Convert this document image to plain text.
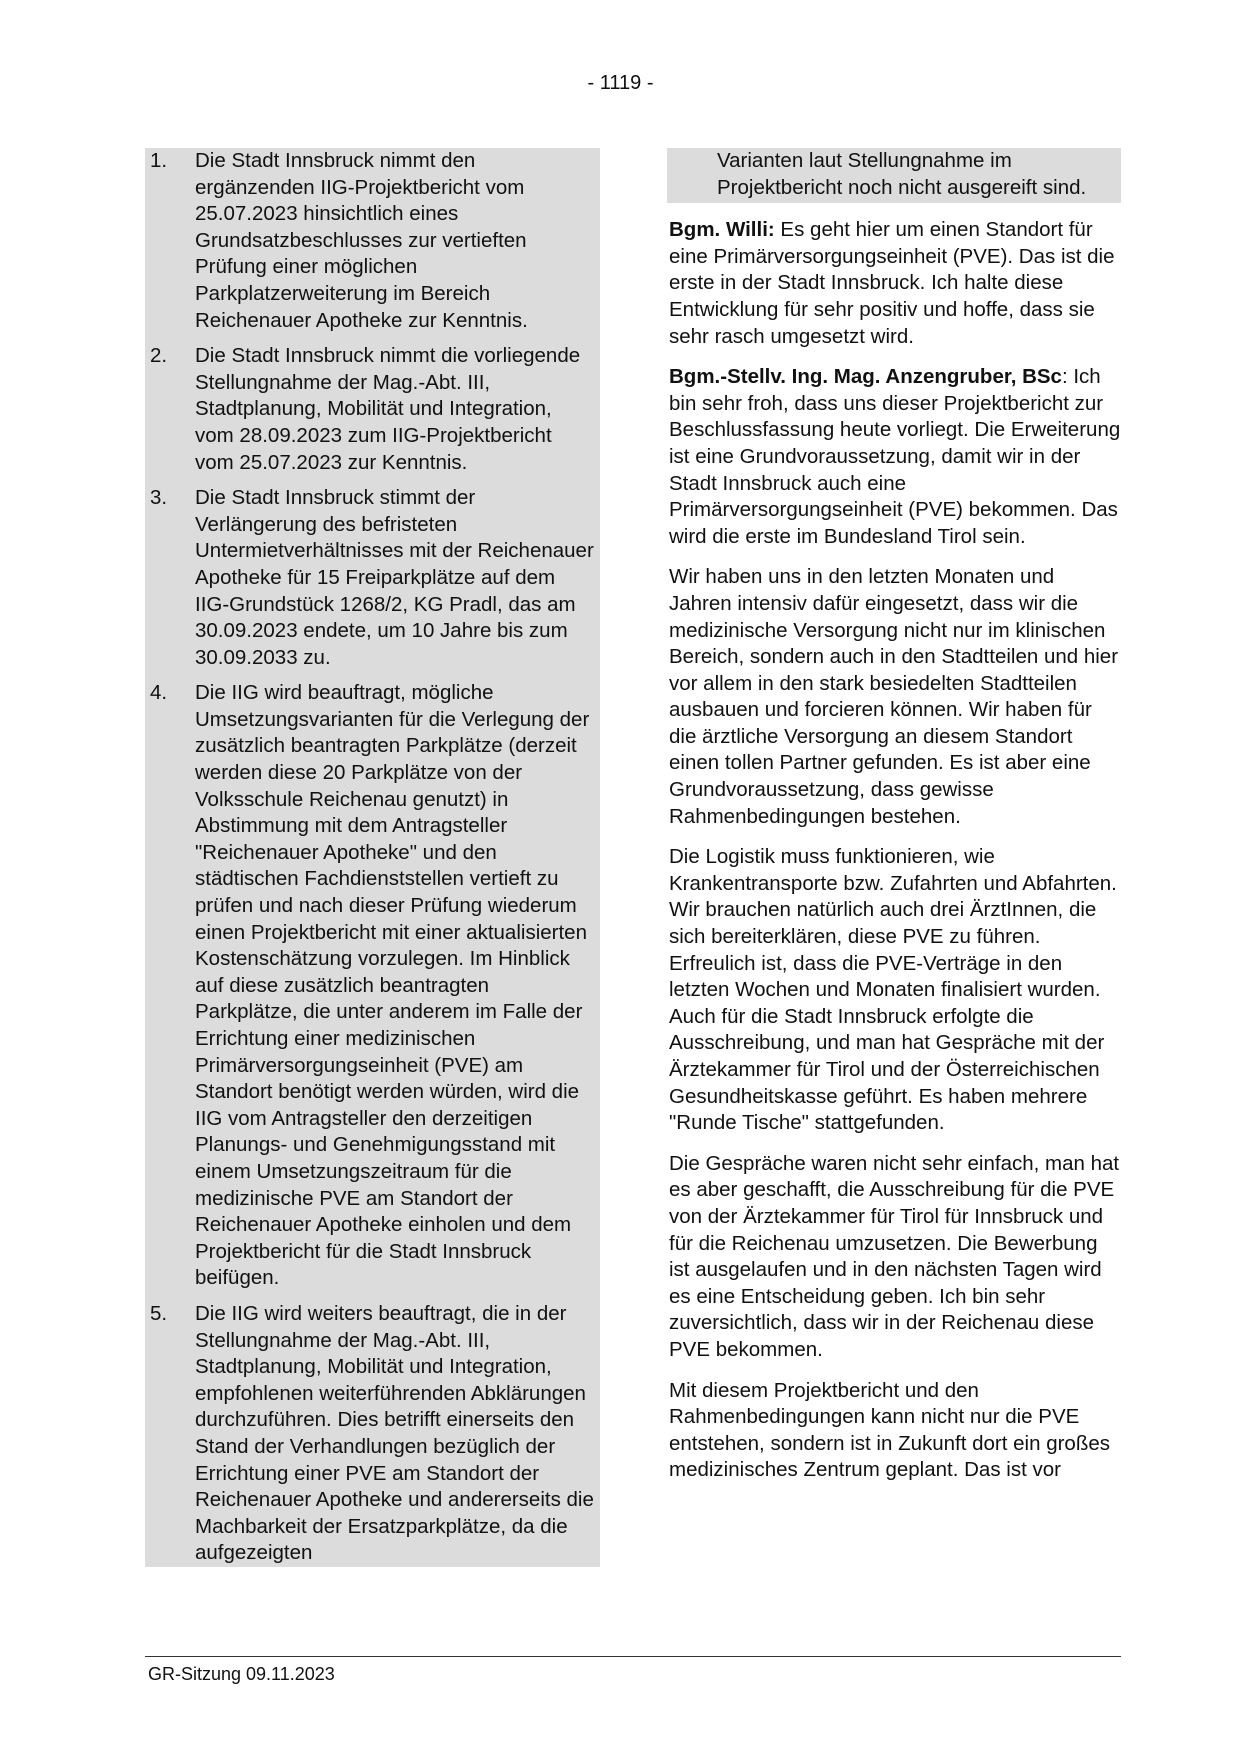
- 1119 -
1. Die Stadt Innsbruck nimmt den ergänzenden IIG-Projektbericht vom 25.07.2023 hinsichtlich eines Grundsatzbeschlusses zur vertieften Prüfung einer möglichen Parkplatzerweiterung im Bereich Reichenauer Apotheke zur Kenntnis.
2. Die Stadt Innsbruck nimmt die vorliegende Stellungnahme der Mag.-Abt. III, Stadtplanung, Mobilität und Integration, vom 28.09.2023 zum IIG-Projektbericht vom 25.07.2023 zur Kenntnis.
3. Die Stadt Innsbruck stimmt der Verlängerung des befristeten Untermietverhältnisses mit der Reichenauer Apotheke für 15 Freiparkplätze auf dem IIG-Grundstück 1268/2, KG Pradl, das am 30.09.2023 endete, um 10 Jahre bis zum 30.09.2033 zu.
4. Die IIG wird beauftragt, mögliche Umsetzungsvarianten für die Verlegung der zusätzlich beantragten Parkplätze (derzeit werden diese 20 Parkplätze von der Volksschule Reichenau genutzt) in Abstimmung mit dem Antragsteller "Reichenauer Apotheke" und den städtischen Fachdienststellen vertieft zu prüfen und nach dieser Prüfung wiederum einen Projektbericht mit einer aktualisierten Kostenschätzung vorzulegen. Im Hinblick auf diese zusätzlich beantragten Parkplätze, die unter anderem im Falle der Errichtung einer medizinischen Primärversorgungseinheit (PVE) am Standort benötigt werden würden, wird die IIG vom Antragsteller den derzeitigen Planungs- und Genehmigungsstand mit einem Umsetzungszeitraum für die medizinische PVE am Standort der Reichenauer Apotheke einholen und dem Projektbericht für die Stadt Innsbruck beifügen.
5. Die IIG wird weiters beauftragt, die in der Stellungnahme der Mag.-Abt. III, Stadtplanung, Mobilität und Integration, empfohlenen weiterführenden Abklärungen durchzuführen. Dies betrifft einerseits den Stand der Verhandlungen bezüglich der Errichtung einer PVE am Standort der Reichenauer Apotheke und andererseits die Machbarkeit der Ersatzparkplätze, da die aufgezeigten
Varianten laut Stellungnahme im Projektbericht noch nicht ausgereift sind.

Bgm. Willi: Es geht hier um einen Standort für eine Primärversorgungseinheit (PVE). Das ist die erste in der Stadt Innsbruck. Ich halte diese Entwicklung für sehr positiv und hoffe, dass sie sehr rasch umgesetzt wird.

Bgm.-Stellv. Ing. Mag. Anzengruber, BSc: Ich bin sehr froh, dass uns dieser Projektbericht zur Beschlussfassung heute vorliegt. Die Erweiterung ist eine Grundvoraussetzung, damit wir in der Stadt Innsbruck auch eine Primärversorgungseinheit (PVE) bekommen. Das wird die erste im Bundesland Tirol sein.

Wir haben uns in den letzten Monaten und Jahren intensiv dafür eingesetzt, dass wir die medizinische Versorgung nicht nur im klinischen Bereich, sondern auch in den Stadtteilen und hier vor allem in den stark besiedelten Stadtteilen ausbauen und forcieren können. Wir haben für die ärztliche Versorgung an diesem Standort einen tollen Partner gefunden. Es ist aber eine Grundvoraussetzung, dass gewisse Rahmenbedingungen bestehen.

Die Logistik muss funktionieren, wie Krankentransporte bzw. Zufahrten und Abfahrten. Wir brauchen natürlich auch drei ÄrztInnen, die sich bereiterklären, diese PVE zu führen. Erfreulich ist, dass die PVE-Verträge in den letzten Wochen und Monaten finalisiert wurden. Auch für die Stadt Innsbruck erfolgte die Ausschreibung, und man hat Gespräche mit der Ärztekammer für Tirol und der Österreichischen Gesundheitskasse geführt. Es haben mehrere "Runde Tische" stattgefunden.

Die Gespräche waren nicht sehr einfach, man hat es aber geschafft, die Ausschreibung für die PVE von der Ärztekammer für Tirol für Innsbruck und für die Reichenau umzusetzen. Die Bewerbung ist ausgelaufen und in den nächsten Tagen wird es eine Entscheidung geben. Ich bin sehr zuversichtlich, dass wir in der Reichenau diese PVE bekommen.

Mit diesem Projektbericht und den Rahmenbedingungen kann nicht nur die PVE entstehen, sondern ist in Zukunft dort ein großes medizinisches Zentrum geplant. Das ist vor

GR-Sitzung 09.11.2023
